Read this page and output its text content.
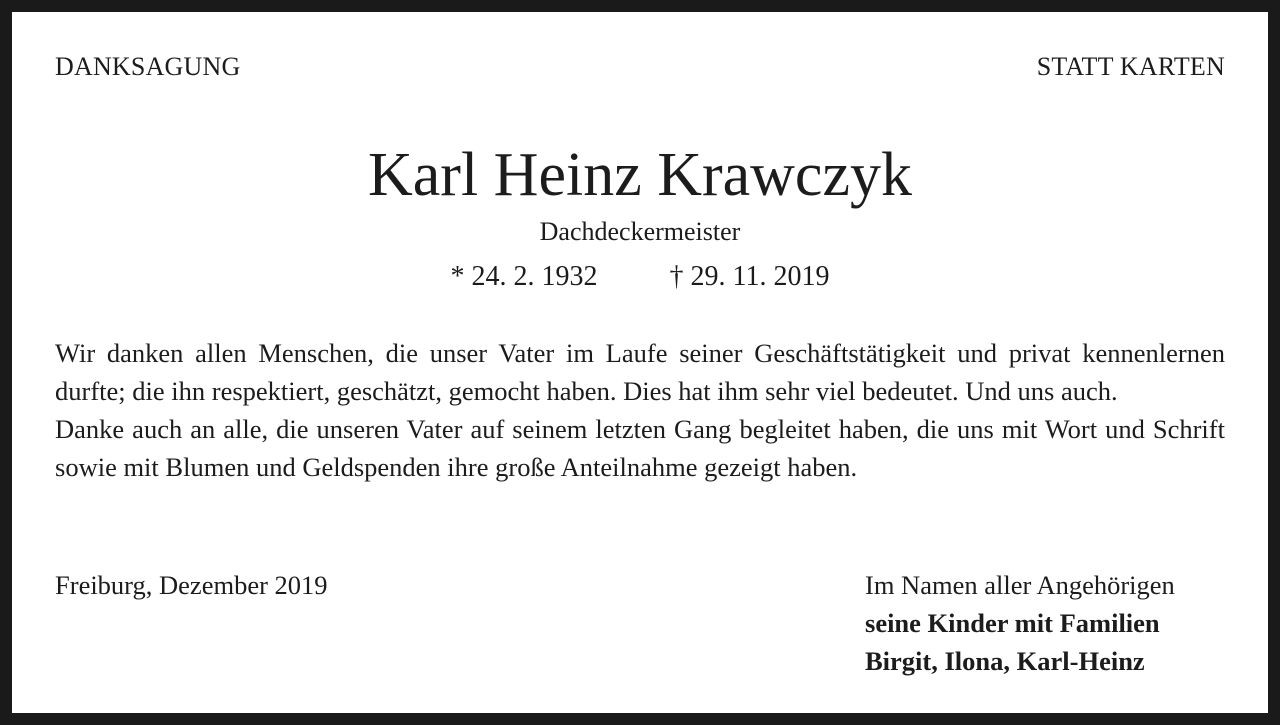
DANKSAGUNG	STATT KARTEN
Karl Heinz Krawczyk
Dachdeckermeister
* 24. 2. 1932	† 29. 11. 2019

Wir danken allen Menschen, die unser Vater im Laufe seiner Geschäftstätigkeit und privat kennenlernen durfte; die ihn respektiert, geschätzt, gemocht haben. Dies hat ihm sehr viel bedeutet. Und uns auch.

Danke auch an alle, die unseren Vater auf seinem letzten Gang begleitet haben, die uns mit Wort und Schrift sowie mit Blumen und Geldspenden ihre große Anteilnahme gezeigt haben.

Freiburg, Dezember 2019	Im Namen aller Angehörigen
seine Kinder mit Familien
Birgit, Ilona, Karl-Heinz
